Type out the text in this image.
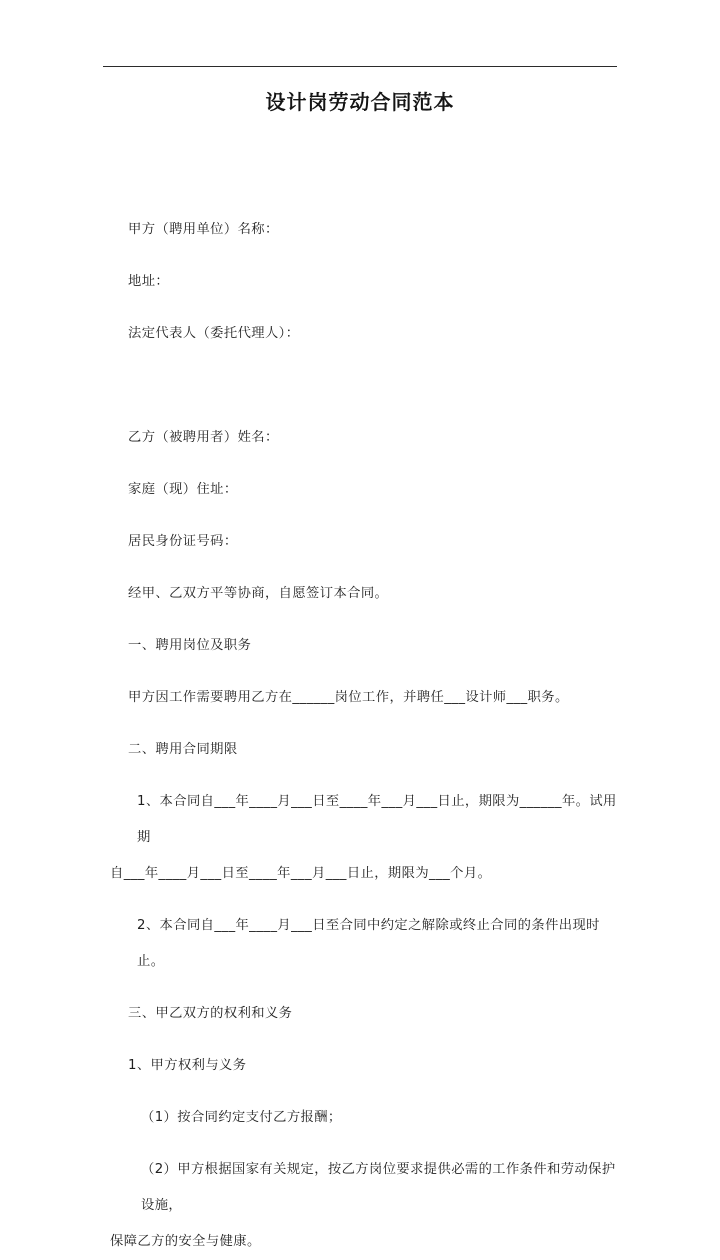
设计岗劳动合同范本

甲方（聘用单位）名称：

地址：

法定代表人（委托代理人）：

乙方（被聘用者）姓名：

家庭（现）住址：

居民身份证号码：

经甲、乙双方平等协商，自愿签订本合同。

一、聘用岗位及职务

甲方因工作需要聘用乙方在______岗位工作，并聘任___设计师___职务。

二、聘用合同期限

1、本合同自___年____月___日至____年___月___日止，期限为______年。试用期

自___年____月___日至____年___月___日止，期限为___个月。

2、本合同自___年____月___日至合同中约定之解除或终止合同的条件出现时止。

三、甲乙双方的权利和义务

1、甲方权利与义务

（1）按合同约定支付乙方报酬；

（2）甲方根据国家有关规定，按乙方岗位要求提供必需的工作条件和劳动保护设施，

保障乙方的安全与健康。
